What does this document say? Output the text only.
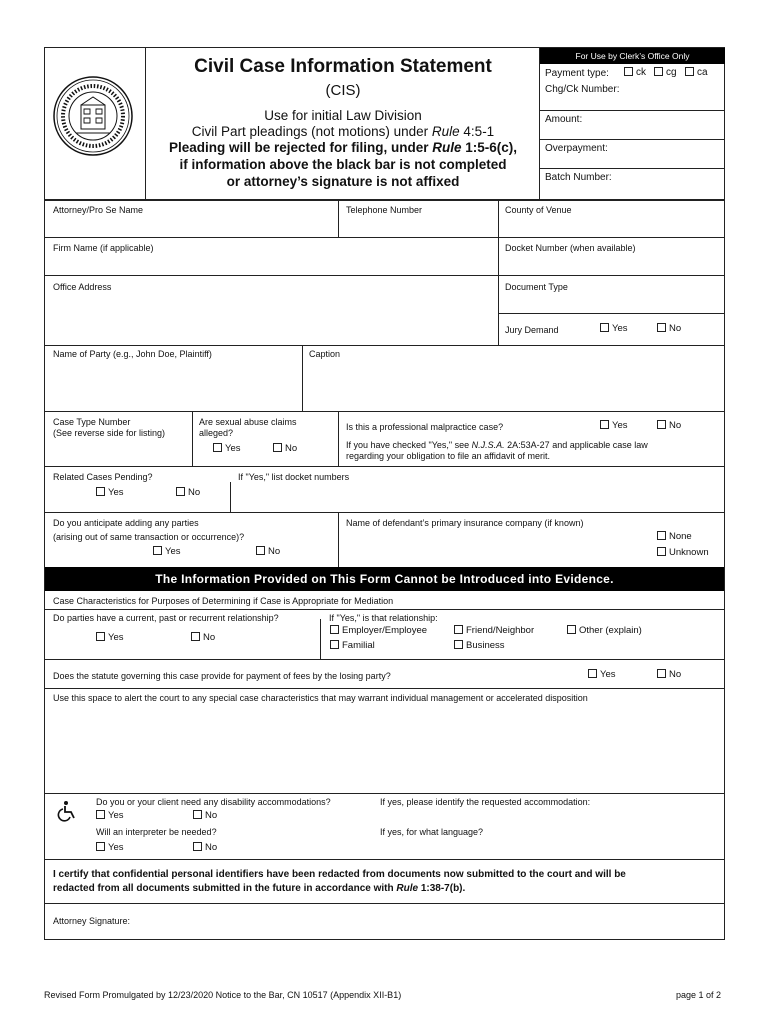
Civil Case Information Statement
(CIS)
Use for initial Law Division
Civil Part pleadings (not motions) under Rule 4:5-1
Pleading will be rejected for filing, under Rule 1:5-6(c),
if information above the black bar is not completed
or attorney’s signature is not affixed
For Use by Clerk’s Office Only
Payment type:	ck	cg	ca
Chg/Ck Number:
Amount:
Overpayment:
Batch Number:
Attorney/Pro Se Name	Telephone Number	County of Venue
Firm Name (if applicable)	Docket Number (when available)
Office Address	Document Type
Jury Demand	Yes	No
Name of Party (e.g., John Doe, Plaintiff)	Caption
Case Type Number
(See reverse side for listing)
Are sexual abuse claims
alleged?
Yes	No
Is this a professional malpractice case?	Yes	No
If you have checked "Yes," see N.J.S.A. 2A:53A-27 and applicable case law
regarding your obligation to file an affidavit of merit.
Related Cases Pending?
Yes	No
If "Yes," list docket numbers
Do you anticipate adding any parties
(arising out of same transaction or occurrence)?
Yes	No
Name of defendant’s primary insurance company (if known)
None
Unknown
The Information Provided on This Form Cannot be Introduced into Evidence.
Case Characteristics for Purposes of Determining if Case is Appropriate for Mediation
Do parties have a current, past or recurrent relationship?
Yes	No
If "Yes," is that relationship:
Employer/Employee	Friend/Neighbor	Other (explain)
Familial	Business
Does the statute governing this case provide for payment of fees by the losing party?	Yes	No
Use this space to alert the court to any special case characteristics that may warrant individual management or accelerated disposition
Do you or your client need any disability accommodations?
Yes	No
If yes, please identify the requested accommodation:
Will an interpreter be needed?
Yes	No
If yes, for what language?
I certify that confidential personal identifiers have been redacted from documents now submitted to the court and will be
redacted from all documents submitted in the future in accordance with Rule 1:38-7(b).
Attorney Signature:
Revised Form Promulgated by 12/23/2020 Notice to the Bar, CN 10517 (Appendix XII-B1)	page 1 of 2
